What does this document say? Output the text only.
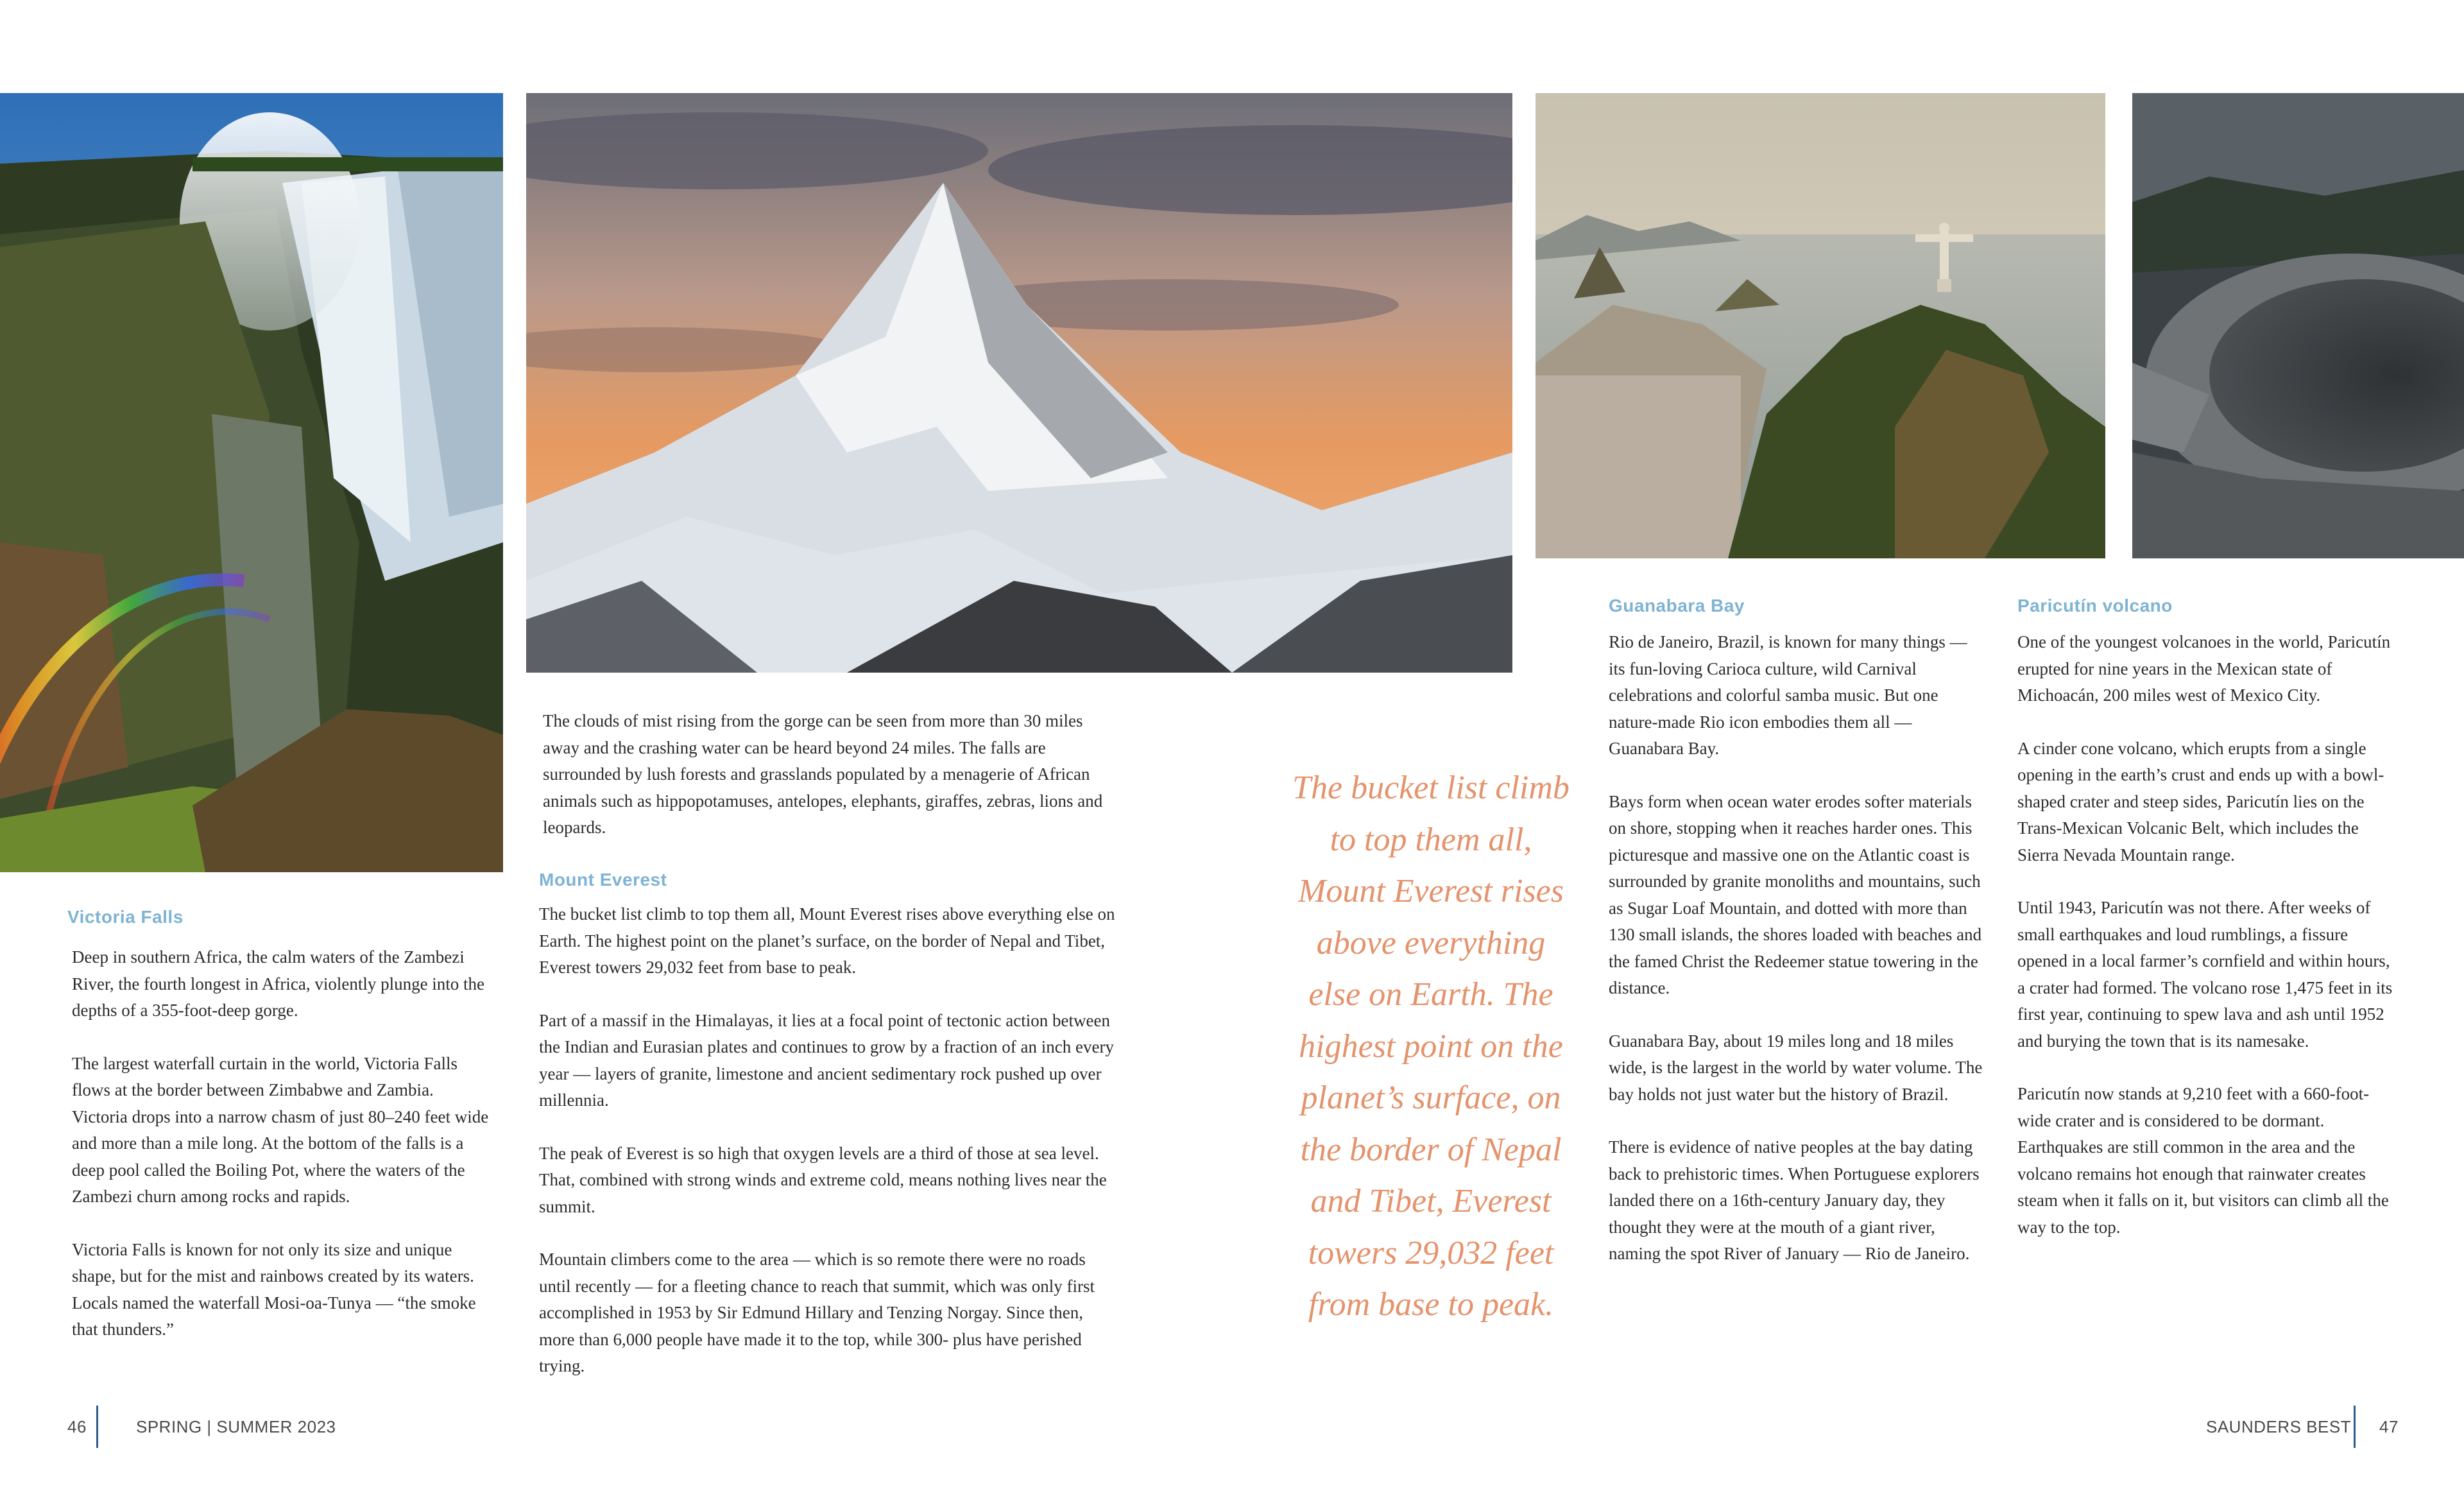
Victoria Falls

Deep in southern Africa, the calm waters of the Zambezi River, the fourth longest in Africa, violently plunge into the depths of a 355-foot-deep gorge.

The largest waterfall curtain in the world, Victoria Falls flows at the border between Zimbabwe and Zambia. Victoria drops into a narrow chasm of just 80–240 feet wide and more than a mile long. At the bottom of the falls is a deep pool called the Boiling Pot, where the waters of the Zambezi churn among rocks and rapids.

Victoria Falls is known for not only its size and unique shape, but for the mist and rainbows created by its waters. Locals named the waterfall Mosi-oa-Tunya — “the smoke that thunders.”

The clouds of mist rising from the gorge can be seen from more than 30 miles away and the crashing water can be heard beyond 24 miles. The falls are surrounded by lush forests and grasslands populated by a menagerie of African animals such as hippopotamuses, antelopes, elephants, giraffes, zebras, lions and leopards.

Mount Everest

The bucket list climb to top them all, Mount Everest rises above everything else on Earth. The highest point on the planet’s surface, on the border of Nepal and Tibet, Everest towers 29,032 feet from base to peak.

Part of a massif in the Himalayas, it lies at a focal point of tectonic action between the Indian and Eurasian plates and continues to grow by a fraction of an inch every year — layers of granite, limestone and ancient sedimentary rock pushed up over millennia.

The peak of Everest is so high that oxygen levels are a third of those at sea level. That, combined with strong winds and extreme cold, means nothing lives near the summit.

Mountain climbers come to the area — which is so remote there were no roads until recently — for a fleeting chance to reach that summit, which was only first accomplished in 1953 by Sir Edmund Hillary and Tenzing Norgay. Since then, more than 6,000 people have made it to the top, while 300- plus have perished trying.

The bucket list climb to top them all, Mount Everest rises above everything else on Earth. The highest point on the planet’s surface, on the border of Nepal and Tibet, Everest towers 29,032 feet from base to peak.
Guanabara Bay

Rio de Janeiro, Brazil, is known for many things — its fun-loving Carioca culture, wild Carnival celebrations and colorful samba music. But one nature-made Rio icon embodies them all — Guanabara Bay.

Bays form when ocean water erodes softer materials on shore, stopping when it reaches harder ones. This picturesque and massive one on the Atlantic coast is surrounded by granite monoliths and mountains, such as Sugar Loaf Mountain, and dotted with more than 130 small islands, the shores loaded with beaches and the famed Christ the Redeemer statue towering in the distance.

Guanabara Bay, about 19 miles long and 18 miles wide, is the largest in the world by water volume. The bay holds not just water but the history of Brazil.

There is evidence of native peoples at the bay dating back to prehistoric times. When Portuguese explorers landed there on a 16th-century January day, they thought they were at the mouth of a giant river, naming the spot River of January — Rio de Janeiro.

Paricutín volcano

One of the youngest volcanoes in the world, Paricutín erupted for nine years in the Mexican state of Michoacán, 200 miles west of Mexico City.

A cinder cone volcano, which erupts from a single opening in the earth’s crust and ends up with a bowl-shaped crater and steep sides, Paricutín lies on the Trans-Mexican Volcanic Belt, which includes the Sierra Nevada Mountain range.

Until 1943, Paricutín was not there. After weeks of small earthquakes and loud rumblings, a fissure opened in a local farmer’s cornfield and within hours, a crater had formed. The volcano rose 1,475 feet in its first year, continuing to spew lava and ash until 1952 and burying the town that is its namesake.

Paricutín now stands at 9,210 feet with a 660-foot-wide crater and is considered to be dormant. Earthquakes are still common in the area and the volcano remains hot enough that rainwater creates steam when it falls on it, but visitors can climb all the way to the top.

46	SPRING | SUMMER 2023	SAUNDERS BEST 47
